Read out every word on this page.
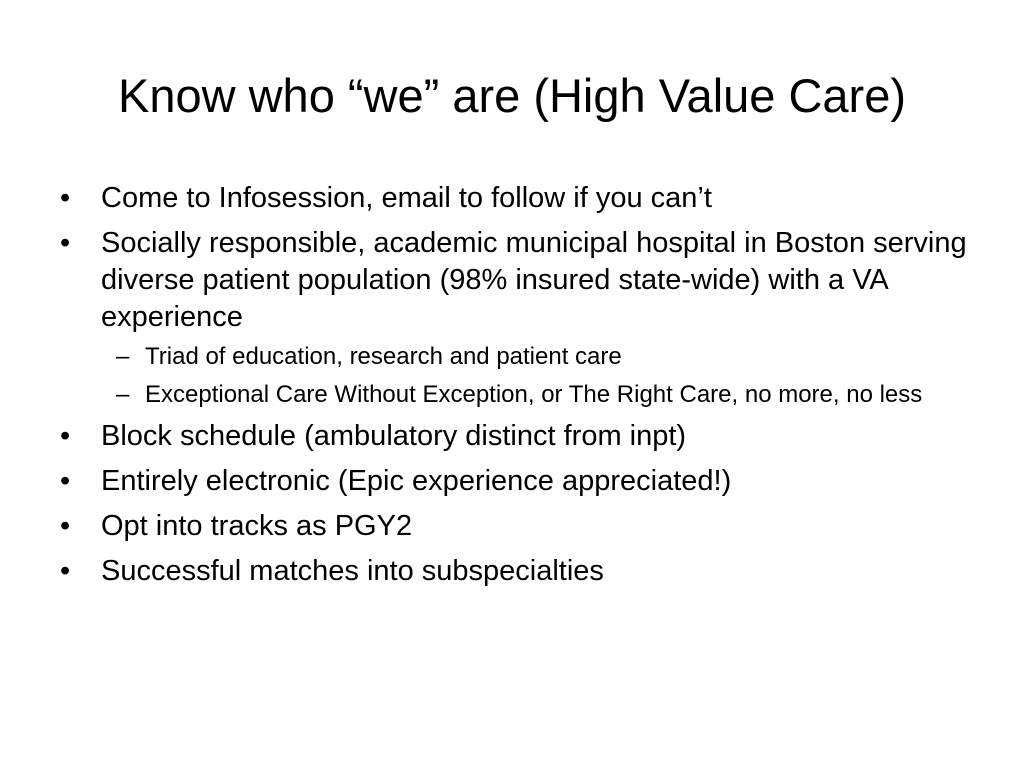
Know who “we” are (High Value Care)
• Come to Infosession, email to follow if you can’t
• Socially responsible, academic municipal hospital in Boston serving diverse patient population (98% insured state-wide) with a VA experience
– Triad of education, research and patient care
– Exceptional Care Without Exception, or The Right Care, no more, no less
• Block schedule (ambulatory distinct from inpt)
• Entirely electronic (Epic experience appreciated!)
• Opt into tracks as PGY2
• Successful matches into subspecialties
